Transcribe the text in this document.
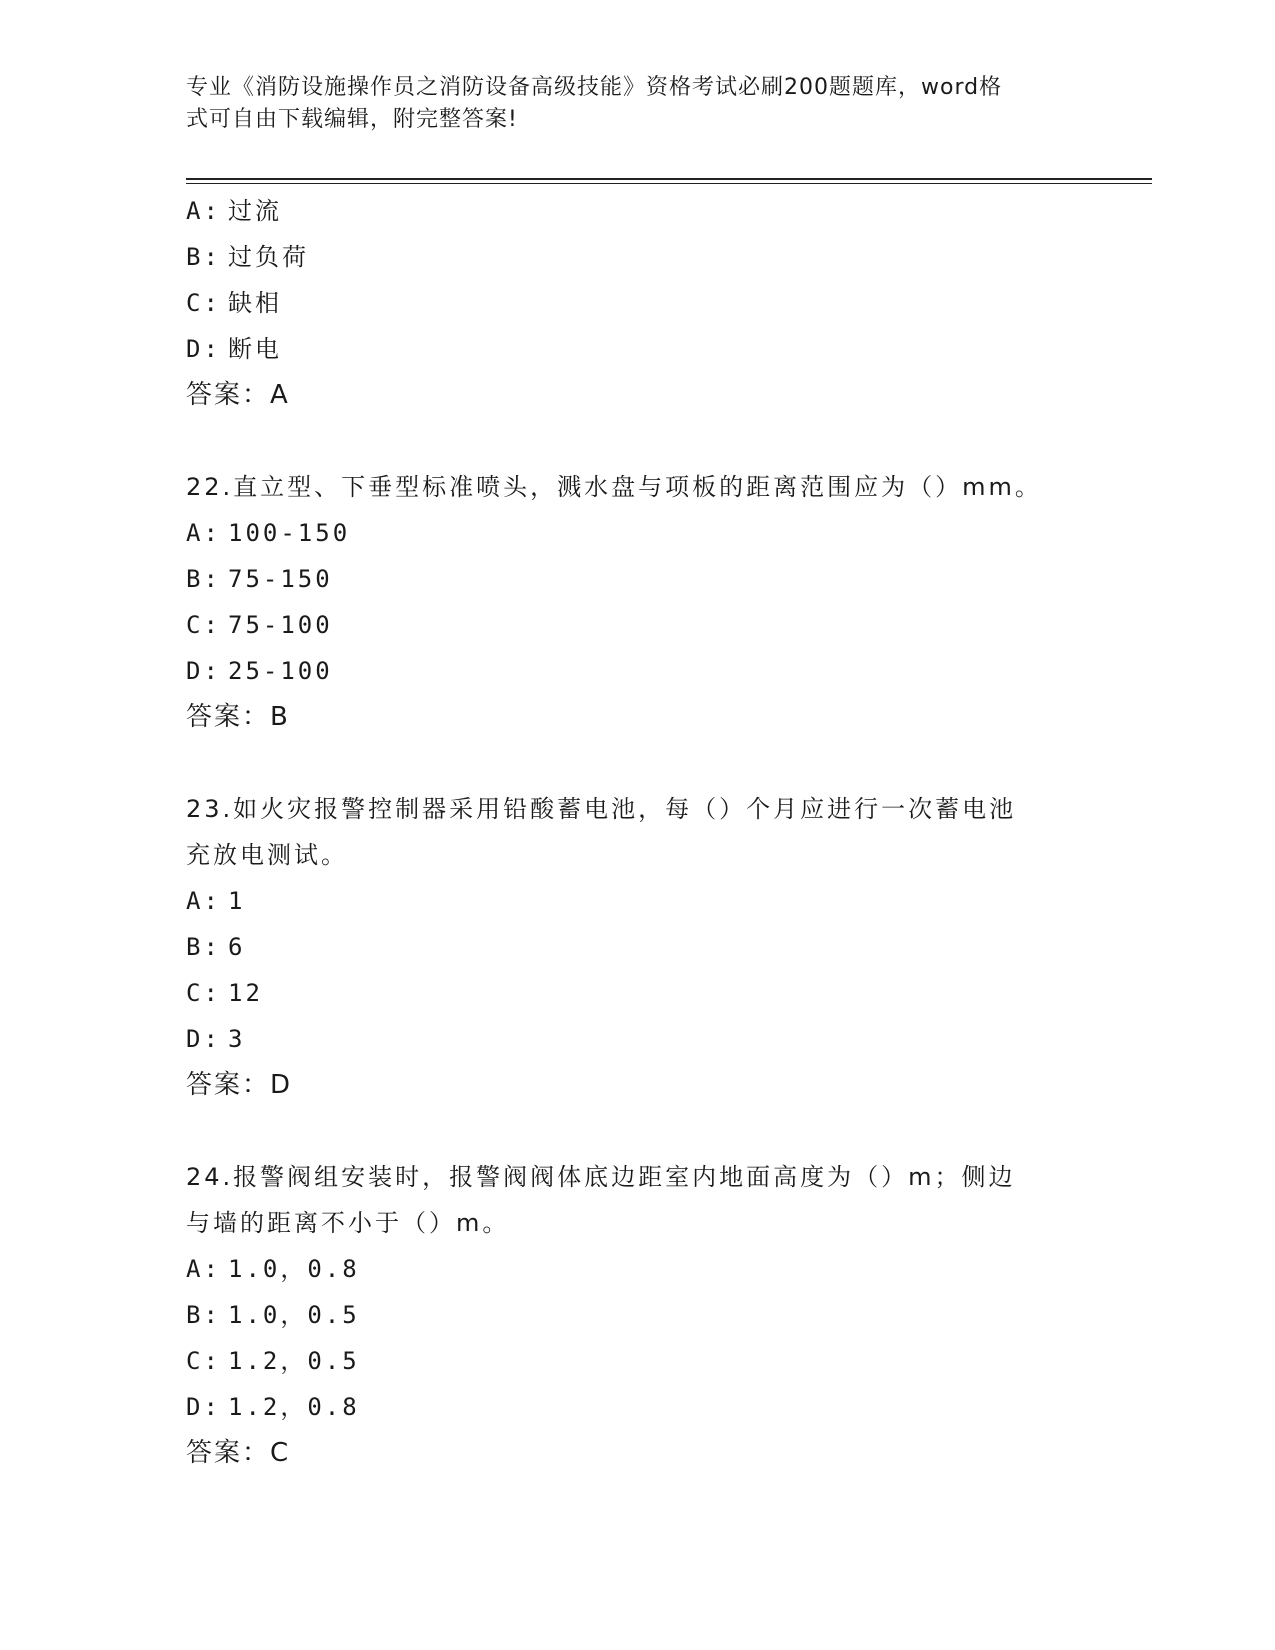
专业《消防设施操作员之消防设备高级技能》资格考试必刷200题题库，word格
式可自由下载编辑，附完整答案!
A: 过流
B: 过负荷
C: 缺相
D: 断电
答案：A
22.直立型、下垂型标准喷头，溅水盘与项板的距离范围应为（）mm。
A: 100-150
B: 75-150
C: 75-100
D: 25-100
答案：B
23.如火灾报警控制器采用铅酸蓄电池，每（）个月应进行一次蓄电池
充放电测试。
A: 1
B: 6
C: 12
D: 3
答案：D
24.报警阀组安装时，报警阀阀体底边距室内地面高度为（）m；侧边
与墙的距离不小于（）m。
A: 1.0，0.8
B: 1.0，0.5
C: 1.2，0.5
D: 1.2，0.8
答案：C
